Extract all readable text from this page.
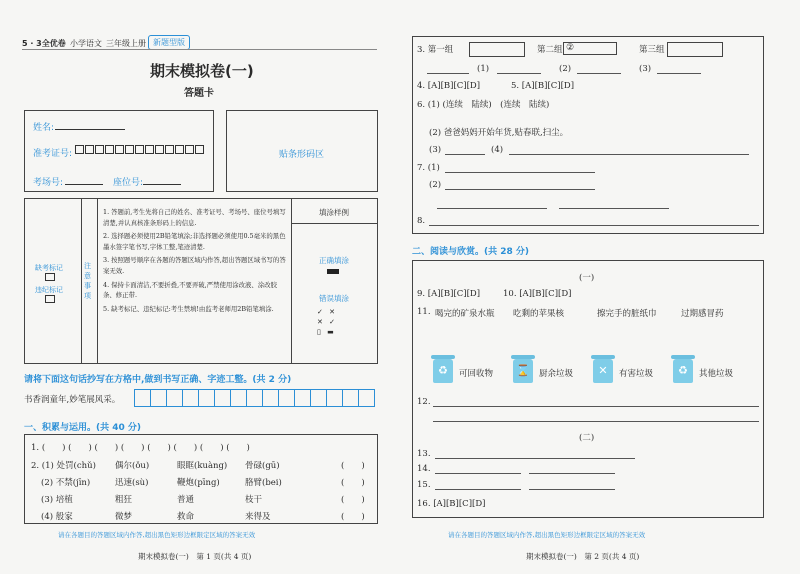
5 · 3全优卷 小学语文 三年级上册 新题型版
期末模拟卷(一)
答题卡
姓名:
准考证号:
考场号:	座位号:
贴条形码区
缺考标记
违纪标记
注意事项
1. 答题前,考生先将自己的姓名、准考证号、考场号、座位号填写清楚,并认真核准条形码上的信息.
2. 选择题必须使用2B铅笔填涂;非选择题必须使用0.5毫米的黑色墨水签字笔书写,字体工整,笔迹清楚.
3. 按照题号顺序在各题的答题区域内作答,超出答题区域书写的答案无效.
4. 保持卡面清洁,不要折叠,不要弄破,严禁使用涂改液、涂改胶条、修正带.
5. 缺考标记、违纪标记:考生禁填!由监考老师用2B铅笔填涂.
填涂样例
正确填涂
错误填涂
✓ ✕
✕ ✓
▯ ▬
请将下面这句话抄写在方格中,做到书写正确、字迹工整。(共 2 分)
书香润童年,妙笔展风采。

一、积累与运用。(共 40 分)
1. (　　) (　　) (　　) (　　) (　　) (　　) (　　) (　　)
2. (1) 处罚(chǔ) 偶尔(ǒu)	眼眶(kuàng) 骨碌(gū)	(　　)
(2) 不禁(jīn)	迅速(sù)	鞭炮(pīng)	胳臂(bei)	(　　)
(3) 培植	粗狂	普通	枝干	(　　)
(4) 般家	微梦	救命	来得及	(　　)
请在各题目的答题区域内作答,超出黑色矩形边框限定区域的答案无效
期末模拟卷(一)　第 1 页(共 4 页)
3. 第一组	第二组 ②	第三组
(1)	(2)	(3)
4. [A][B][C][D]	5. [A][B][C][D]
6. (1) (连续　陆续)　(连续　陆续)
(2) 爸爸妈妈开始年货,贴春联,扫尘。
(3)	(4)
7. (1)
(2)
8.
二、阅读与欣赏。(共 28 分)
(一)
9. [A][B][C][D]	10. [A][B][C][D]
11. 喝完的矿泉水瓶 吃剩的苹果核	擦完手的脏纸巾	过期感冒药
♻	可回收物 ⌛	厨余垃圾	✕	有害垃圾	♻	其他垃圾
12.
(二)
13.
14.
15.
16. [A][B][C][D]
请在各题目的答题区域内作答,超出黑色矩形边框限定区域的答案无效
期末模拟卷(一)　第 2 页(共 4 页)
